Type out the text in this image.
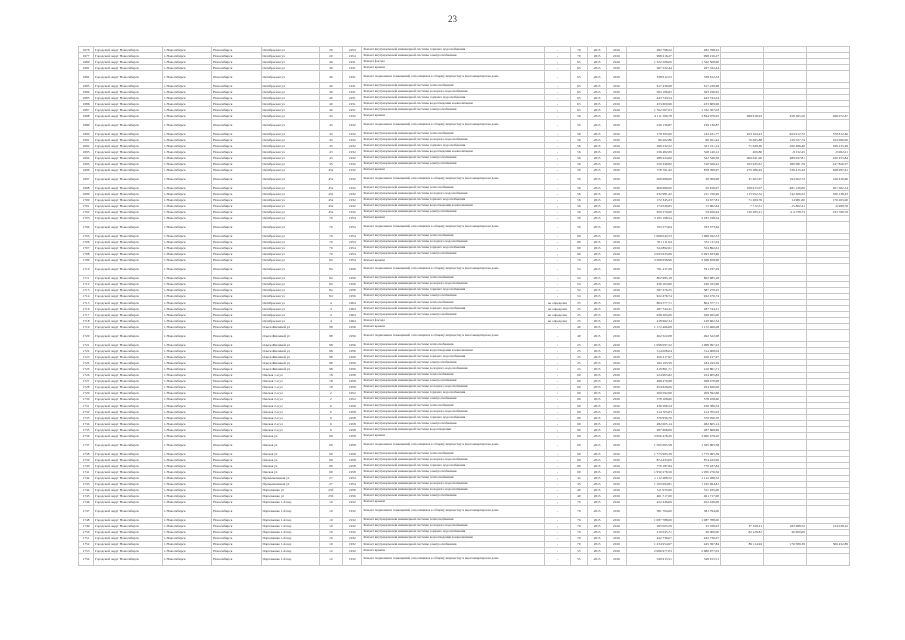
23
1676	Городской округ Новосибирск	г. Новосибирск	Новосибирск	Октябрьская ул	20	1954	Ремонт внутридомовой инженерной системы горячего водоснабжения	-	79	2015	2016	282 798,22	282 798,22			
1677	Городской округ Новосибирск	г. Новосибирск	Новосибирск	Октябрьская ул	20	1954	Ремонт внутридомовой инженерной системы электроснабжения	-	79	2015	2016	998 216,27	998 216,27			
1680	Городской округ Новосибирск	г. Новосибирск	Новосибирск	Октябрьская ул	40	1931	Ремонт фасада	-	65	2015	2016	1 322 508,00	1 322 508,00			
1681	Городской округ Новосибирск	г. Новосибирск	Новосибирск	Октябрьская ул	40	1931	Ремонт крыши	-	65	2015	2016	267 532,44	267 532,44			
1682	Городской округ Новосибирск	г. Новосибирск	Новосибирск	Октябрьская ул	40	1931	Ремонт подвальных помещений, относящихся к общему имуществу в многоквартирном доме	-	65	2015	2016	338 612,53	338 612,53			
1683	Городской округ Новосибирск	г. Новосибирск	Новосибирск	Октябрьская ул	40	1931	Ремонт внутридомовой инженерной системы теплоснабжения	-	65	2015	2016	617 436,68	617 436,68			
1684	Городской округ Новосибирск	г. Новосибирск	Новосибирск	Октябрьская ул	40	1931	Ремонт внутридомовой инженерной системы холодного водоснабжения	-	65	2015	2016	563 196,65	563 196,65			
1685	Городской округ Новосибирск	г. Новосибирск	Новосибирск	Октябрьская ул	40	1931	Ремонт внутридомовой инженерной системы горячего водоснабжения	-	65	2015	2016	443 743,54	443 743,54			
1686	Городской округ Новосибирск	г. Новосибирск	Новосибирск	Октябрьская ул	40	1931	Ремонт внутридомовой инженерной системы водоотведения и канализации	-	65	2015	2016	433 609,96	433 609,96			
1687	Городской округ Новосибирск	г. Новосибирск	Новосибирск	Октябрьская ул	40	1931	Ремонт внутридомовой инженерной системы электроснабжения	-	65	2015	2016	1 762 567,03	1 762 567,03			
1688	Городской округ Новосибирск	г. Новосибирск	Новосибирск	Октябрьская ул	43	1932	Ремонт крыши	-	56	2015	2016	4 111 596,78	3 844 979,05	498 918,93	458 365,50	496 972,47
1689	Городской округ Новосибирск	г. Новосибирск	Новосибирск	Октябрьская ул	43	1932	Ремонт подвальных помещений, относящихся к общему имуществу в многоквартирном доме	-	56	2015	2016	239 136,87	239 136,87			
1690	Городской округ Новосибирск	г. Новосибирск	Новосибирск	Октябрьская ул	43	1932	Ремонт внутридомовой инженерной системы теплоснабжения	-	56	2015	2016	178 395,60	142 431,77	223 164,43	-624 012,72	578 812,46
1691	Городской округ Новосибирск	г. Новосибирск	Новосибирск	Октябрьская ул	43	1932	Ремонт внутридомовой инженерной системы холодного водоснабжения	-	56	2015	2016	86 262,86	86 051,42	76 095,88	129 527,74	164 690,00
1692	Городской округ Новосибирск	г. Новосибирск	Новосибирск	Октябрьская ул	43	1932	Ремонт внутридомовой инженерной системы горячего водоснабжения	-	56	2015	2016	266 232,52	321 211,14	71 638,36	-160 486,46	166 215,49
1693	Городской округ Новосибирск	г. Новосибирск	Новосибирск	Октябрьская ул	43	1932	Ремонт внутридомовой инженерной системы водоотведения и канализации	-	56	2015	2016	236 482,09	328 140,12	406,80	-9 132,45	-9 062,21
1694	Городской округ Новосибирск	г. Новосибирск	Новосибирск	Октябрьская ул	43	1932	Ремонт внутридомовой инженерной системы электроснабжения	-	56	2015	2016	288 224,06	342 546,59	469 041,99	489 047,81	430 453,84
1695	Городской округ Новосибирск	г. Новосибирск	Новосибирск	Октябрьская ул	45	1932	Ремонт внутридомовой инженерной системы электроснабжения	-	56	2015	2016	250 249,82	310 026,42	162 045,61	380 081,79	147 826,57
1696	Городской округ Новосибирск	г. Новосибирск	Новосибирск	Октябрьская ул	45а	1932	Ремонт крыши	-	56	2015	2016	778 791,92	878 399,97	270 286,63	530 415,42	628 097,61
1697	Городской округ Новосибирск	г. Новосибирск	Новосибирск	Октябрьская ул	45а	1932	Ремонт подвальных помещений, относящихся к общему имуществу в многоквартирном доме	-	56	2015	2016	290 689,00	28 569,08	31 202,67	193 002,72	126 619,60
1698	Городской округ Новосибирск	г. Новосибирск	Новосибирск	Октябрьская ул	45а	1932	Ремонт внутридомовой инженерной системы теплоснабжения	-	56	2015	2016	608 680,00	50 816,07	108 913,07	-481 126,00	201 362,14
1699	Городской округ Новосибирск	г. Новосибирск	Новосибирск	Октябрьская ул	45а	1932	Ремонт внутридомовой инженерной системы холодного водоснабжения	-	56	2015	2016	432 981,42	211 726,96	115 952,52	142 206,52	166 138,43
1700	Городской округ Новосибирск	г. Новосибирск	Новосибирск	Октябрьская ул	45а	1932	Ремонт внутридомовой инженерной системы горячего водоснабжения	-	56	2015	2016	172 345,23	34 677,81	71 209,76	14 981,60	176 263,00
1701	Городской округ Новосибирск	г. Новосибирск	Новосибирск	Октябрьская ул	45а	1932	Ремонт внутридомовой инженерной системы водоотведения и канализации	-	56	2015	2016	174 029,65	15 662,64	7 712,51	-15 862,41	-6 998,76
1702	Городской округ Новосибирск	г. Новосибирск	Новосибирск	Октябрьская ул	45а	1932	Ремонт внутридомовой инженерной системы электроснабжения	-	56	2015	2016	659 279,00	59 926,64	130 265,21	-2 4 758,73	233 769,76
1703	Городской округ Новосибирск	г. Новосибирск	Новосибирск	Октябрьская ул	70	1954	Ремонт крыши	-	56	2015	2016	3 183 198,54	3 183 198,54			
1704	Городской округ Новосибирск	г. Новосибирск	Новосибирск	Октябрьская ул	70	1954	Ремонт подвальных помещений, относящихся к общему имуществу в многоквартирном доме	-	56	2015	2016	763 573,64	763 573,64			
1705	Городской округ Новосибирск	г. Новосибирск	Новосибирск	Октябрьская ул	70	1954	Ремонт внутридомовой инженерной системы теплоснабжения	-	69	2015	2016	1 668 042,53	1 668 042,53			
1706	Городской округ Новосибирск	г. Новосибирск	Новосибирск	Октябрьская ул	70	1954	Ремонт внутридомовой инженерной системы холодного водоснабжения	-	69	2015	2016	351 111,04	351 111,04			
1707	Городской округ Новосибирск	г. Новосибирск	Новосибирск	Октябрьская ул	70	1954	Ремонт внутридомовой инженерной системы горячего водоснабжения	-	69	2015	2016	524 892,61	524 892,61			
1708	Городской округ Новосибирск	г. Новосибирск	Новосибирск	Октябрьская ул	70	1954	Ремонт внутридомовой инженерной системы электроснабжения	-	69	2015	2016	2 093 633,66	2 093 633,66			
1709	Городской округ Новосибирск	г. Новосибирск	Новосибирск	Октябрьская ул	84	1954	Ремонт крыши	-	79	2015	2016	3 568 658,96	3 568 658,96			
1710	Городской округ Новосибирск	г. Новосибирск	Новосибирск	Октябрьская ул	84	1956	Ремонт подвальных помещений, относящихся к общему имуществу в многоквартирном доме	-	54	2015	2016	791 237,29	791 237,29			
1711	Городской округ Новосибирск	г. Новосибирск	Новосибирск	Октябрьская ул	84	1956	Ремонт внутридомовой инженерной системы теплоснабжения	-	54	2015	2016	802 985,18	802 985,18			
1712	Городской округ Новосибирск	г. Новосибирск	Новосибирск	Октябрьская ул	84	1956	Ремонт внутридомовой инженерной системы холодного водоснабжения	-	54	2015	2016	436 163,60	436 163,60			
1713	Городской округ Новосибирск	г. Новосибирск	Новосибирск	Октябрьская ул	84	1956	Ремонт внутридомовой инженерной системы горячего водоснабжения	-	54	2015	2016	587 276,25	587 276,25			
1714	Городской округ Новосибирск	г. Новосибирск	Новосибирск	Октябрьская ул	84	1956	Ремонт внутридомовой инженерной системы электроснабжения	-	54	2015	2016	922 476,74	922 476,74			
1715	Городской округ Новосибирск	г. Новосибирск	Новосибирск	Октябрьская ул	4	1964	Ремонт внутридомовой инженерной системы теплоснабжения	не определен	25	2015	2016	804 577,71	804 577,71			
1716	Городской округ Новосибирск	г. Новосибирск	Новосибирск	Октябрьская ул	4	1964	Ремонт внутридомовой инженерной системы горячего водоснабжения	не определен	25	2015	2016	287 744,31	287 744,31			
1717	Городской округ Новосибирск	г. Новосибирск	Новосибирск	Октябрьская ул	4	1964	Ремонт внутридомовой инженерной системы электроснабжения	не определен	25	2015	2016	638 265,00	638 265,00			
1718	Городской округ Новосибирск	г. Новосибирск	Новосибирск	Октябрьская ул	4	1964	Ремонт фасада	не определен	25	2015	2016	418 662,34	418 662,34			
1719	Городской округ Новосибирск	г. Новосибирск	Новосибирск	Ольги Жилиной ул	98	1956	Ремонт крыши	-	49	2015	2016	1 172 466,08	1 172 466,08			
1720	Городской округ Новосибирск	г. Новосибирск	Новосибирск	Ольги Жилиной ул	98	1956	Ремонт подвальных помещений, относящихся к общему имуществу в многоквартирном доме	-	49	2015	2016	492 522,08	492 522,08			
1721	Городской округ Новосибирск	г. Новосибирск	Новосибирск	Ольги Жилиной ул	98	1956	Ремонт внутридомовой инженерной системы теплоснабжения	-	25	2015	2016	1 098 097,22	1 098 097,22			
1722	Городской округ Новосибирск	г. Новосибирск	Новосибирск	Ольги Жилиной ул	98	1956	Ремонт внутридомовой инженерной системы водоотведения и канализации	-	25	2015	2016	314 008,04	314 008,04			
1723	Городской округ Новосибирск	г. Новосибирск	Новосибирск	Ольги Жилиной ул	98	1956	Ремонт внутридомовой инженерной системы горячего водоснабжения	-	25	2015	2016	456 217,97	456 217,97			
1724	Городской округ Новосибирск	г. Новосибирск	Новосибирск	Ольги Жилиной ул	98	1956	Ремонт внутридомовой инженерной системы электроснабжения	-	25	2015	2016	184 193,59	184 193,59			
1725	Городской округ Новосибирск	г. Новосибирск	Новосибирск	Ольги Жилиной ул	98	1956	Ремонт внутридомовой инженерной системы холодного водоснабжения	-	25	2015	2016	416 861,71	416 861,71			
1726	Городской округ Новосибирск	г. Новосибирск	Новосибирск	Омская 1-я ул	18	1958	Ремонт внутридомовой инженерной системы теплоснабжения	-	69	2015	2016	224 905,82	224 905,82			
1727	Городской округ Новосибирск	г. Новосибирск	Новосибирск	Омская 1-я ул	18	1958	Ремонт внутридомовой инженерной системы электроснабжения	-	69	2015	2016	498 476,98	498 476,98			
1728	Городской округ Новосибирск	г. Новосибирск	Новосибирск	Омская 1-я ул	18	1958	Ремонт внутридомовой инженерной системы холодного водоснабжения	-	69	2015	2016	454 626,06	454 626,06			
1729	Городской округ Новосибирск	г. Новосибирск	Новосибирск	Омская 2-я ул	2	1952	Ремонт внутридомовой инженерной системы горячего водоснабжения	-	69	2015	2016	209 592,66	209 592,66			
1730	Городской округ Новосибирск	г. Новосибирск	Новосибирск	Омская 2-я ул	2	1952	Ремонт внутридомовой инженерной системы электроснабжения	-	69	2015	2016	578 108,60	578 108,60			
1731	Городской округ Новосибирск	г. Новосибирск	Новосибирск	Омская 2-я ул	6	1958	Ремонт внутридомовой инженерной системы теплоснабжения	-	69	2015	2016	436 586,54	436 586,54			
1732	Городской округ Новосибирск	г. Новосибирск	Новосибирск	Омская 2-я ул	6	1958	Ремонт внутридомовой инженерной системы холодного водоснабжения	-	69	2015	2016	214 705,03	214 705,03			
1733	Городской округ Новосибирск	г. Новосибирск	Новосибирск	Омская 2-я ул	6	1958	Ремонт внутридомовой инженерной системы горячего водоснабжения	-	69	2015	2016	376 956,70	376 956,70			
1734	Городской округ Новосибирск	г. Новосибирск	Новосибирск	Омская 2-я ул	6	1958	Ремонт внутридомовой инженерной системы электроснабжения	-	69	2015	2016	482 605,14	482 605,14			
1735	Городской округ Новосибирск	г. Новосибирск	Новосибирск	Омская 2-я ул	6	1958	Ремонт внутридомовой инженерной системы водоотведения	-	69	2015	2016	287 668,69	287 668,69			
1736	Городской округ Новосибирск	г. Новосибирск	Новосибирск	Омская ул	69	1958	Ремонт крыши	-	69	2015	2016	3 006 478,20	3 006 478,20			
1737	Городской округ Новосибирск	г. Новосибирск	Новосибирск	Омская ул	69	1958	Ремонт подвальных помещений, относящихся к общему имуществу в многоквартирном доме	-	69	2015	2016	1 565 065,58	1 565 065,58			
1738	Городской округ Новосибирск	г. Новосибирск	Новосибирск	Омская ул	69	1958	Ремонт внутридомовой инженерной системы теплоснабжения	-	69	2015	2016	1 775 965,39	1 775 965,39			
1739	Городской округ Новосибирск	г. Новосибирск	Новосибирск	Омская ул	69	1958	Ремонт внутридомовой инженерной системы холодного водоснабжения	-	69	2015	2016	874 433,00	874 433,00			
1740	Городской округ Новосибирск	г. Новосибирск	Новосибирск	Омская ул	69	1958	Ремонт внутридомовой инженерной системы горячего водоснабжения	-	69	2015	2016	770 187,84	770 187,84			
1741	Городской округ Новосибирск	г. Новосибирск	Новосибирск	Омская ул	69	1958	Ремонт внутридомовой инженерной системы электроснабжения	-	69	2015	2016	1 950 276,56	1 950 276,56			
1742	Городской округ Новосибирск	г. Новосибирск	Новосибирск	Промышленная ул	27	1954	Ремонт внутридомовой инженерной системы теплоснабжения	-	45	2015	2016	1 112 288,52	1 112 288,52			
1743	Городской округ Новосибирск	г. Новосибирск	Новосибирск	Промышленная ул	27	1954	Ремонт внутридомовой инженерной системы холодного водоснабжения	-	45	2015	2016	1 165 694,81	1 165 694,81			
1744	Городской округ Новосибирск	г. Новосибирск	Новосибирск	Пархоменко ул	25б	1956	Ремонт внутридомовой инженерной системы холодного водоснабжения	-	49	2015	2016	511 935,00	511 935,00			
1745	Городской округ Новосибирск	г. Новосибирск	Новосибирск	Пархоменко ул	25б	1956	Ремонт внутридомовой инженерной системы электроснабжения	-	49	2015	2016	461 717,00	461 717,00			
1746	Городской округ Новосибирск	г. Новосибирск	Новосибирск	Пархоменко 1-й пер	10	1932	Ремонт крыши	-	79	2015	2016	452 436,06	452 436,06			
1747	Городской округ Новосибирск	г. Новосибирск	Новосибирск	Пархоменко 1-й пер	10	1932	Ремонт подвальных помещений, относящихся к общему имуществу в многоквартирном доме	-	79	2015	2016	381 794,00	381 794,00			
1748	Городской округ Новосибирск	г. Новосибирск	Новосибирск	Пархоменко 1-й пер	10	1932	Ремонт внутридомовой инженерной системы теплоснабжения	-	79	2015	2016	1 087 788,00	1 087 788,00			
1749	Городской округ Новосибирск	г. Новосибирск	Новосибирск	Пархоменко 1-й пер	10	1932	Ремонт внутридомовой инженерной системы холодного водоснабжения	-	79	2015	2016	285 005,29	45 038,03	37 328,21	182 988,52	124 038,22
1750	Городской округ Новосибирск	г. Новосибирск	Новосибирск	Пархоменко 1-й пер	10	1932	Ремонт внутридомовой инженерной системы горячего водоснабжения	-	79	2015	2016	210 045,71	40 000,00	82 128,81	40 000,00	
1751	Городской округ Новосибирск	г. Новосибирск	Новосибирск	Пархоменко 1-й пер	10	1932	Ремонт внутридомовой инженерной системы водоотведения и канализации	-	79	2015	2016	442 736,07	442 736,07			
1752	Городской округ Новосибирск	г. Новосибирск	Новосибирск	Пархоменко 1-й пер	10	1932	Ремонт внутридомовой инженерной системы электроснабжения	-	79	2015	2016	1 234 954,67	445 397,84	89 114,94	176 589,39	566 452,89
1753	Городской округ Новосибирск	г. Новосибирск	Новосибирск	Пархоменко 1-й пер	12	1932	Ремонт крыши	-	55	2015	2016	2 686 977,03	2 686 977,03			
1754	Городской округ Новосибирск	г. Новосибирск	Новосибирск	Пархоменко 1-й пер	12	1932	Ремонт подвальных помещений, относящихся к общему имуществу в многоквартирном доме	-	55	2015	2016	549 915,51	549 915,51			
